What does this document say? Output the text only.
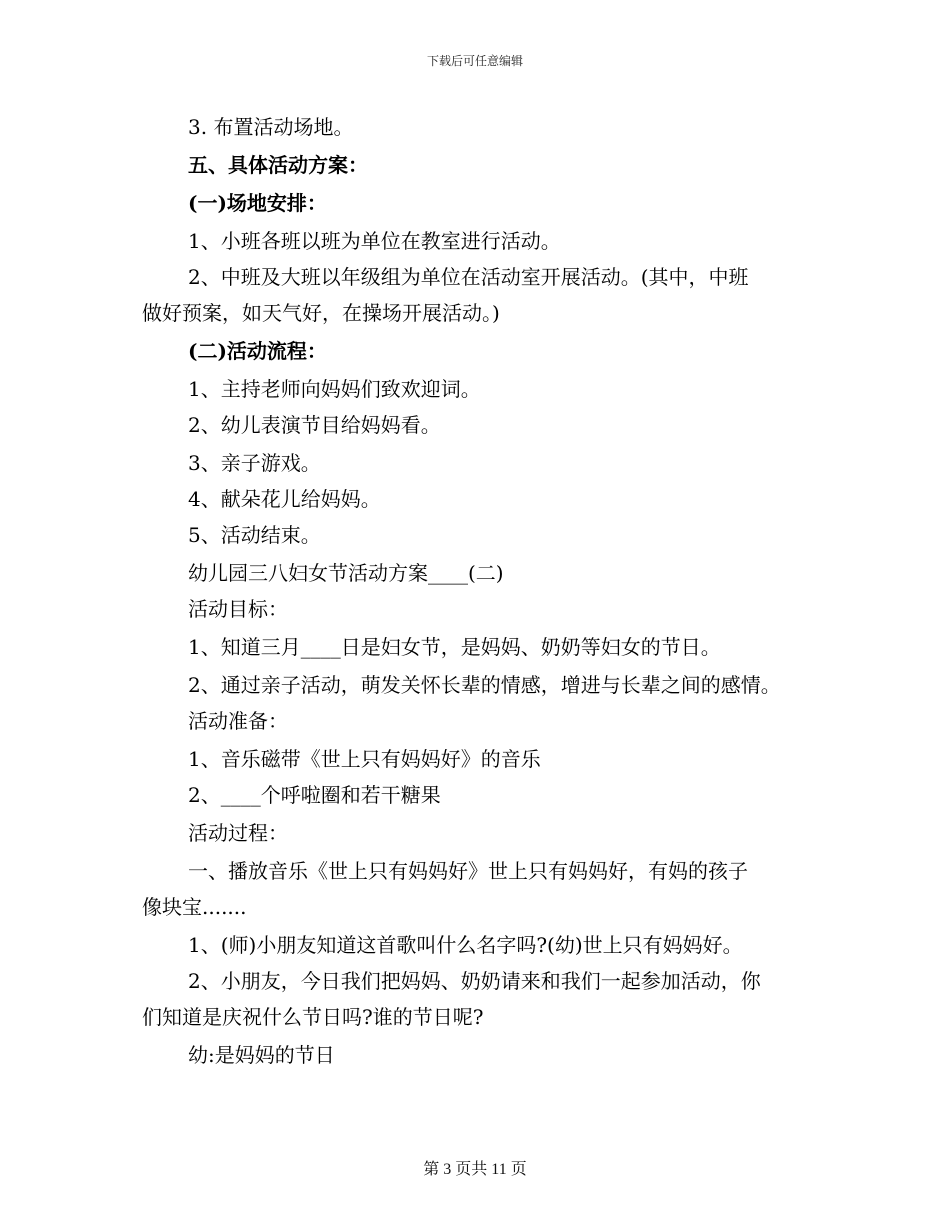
下载后可任意编辑
3. 布置活动场地。
五、具体活动方案：
(一)场地安排：
1、小班各班以班为单位在教室进行活动。
2、中班及大班以年级组为单位在活动室开展活动。(其中，中班
做好预案，如天气好，在操场开展活动。)
(二)活动流程：
1、主持老师向妈妈们致欢迎词。
2、幼儿表演节目给妈妈看。
3、亲子游戏。
4、献朵花儿给妈妈。
5、活动结束。
幼儿园三八妇女节活动方案____(二)
活动目标：
1、知道三月____日是妇女节，是妈妈、奶奶等妇女的节日。
2、通过亲子活动，萌发关怀长辈的情感，增进与长辈之间的感情。
活动准备：
1、音乐磁带《世上只有妈妈好》的音乐
2、____个呼啦圈和若干糖果
活动过程：
一、播放音乐《世上只有妈妈好》世上只有妈妈好，有妈的孩子
像块宝.......
1、(师)小朋友知道这首歌叫什么名字吗?(幼)世上只有妈妈好。
2、小朋友，今日我们把妈妈、奶奶请来和我们一起参加活动，你
们知道是庆祝什么节日吗?谁的节日呢?
幼:是妈妈的节日
第 3 页共 11 页
